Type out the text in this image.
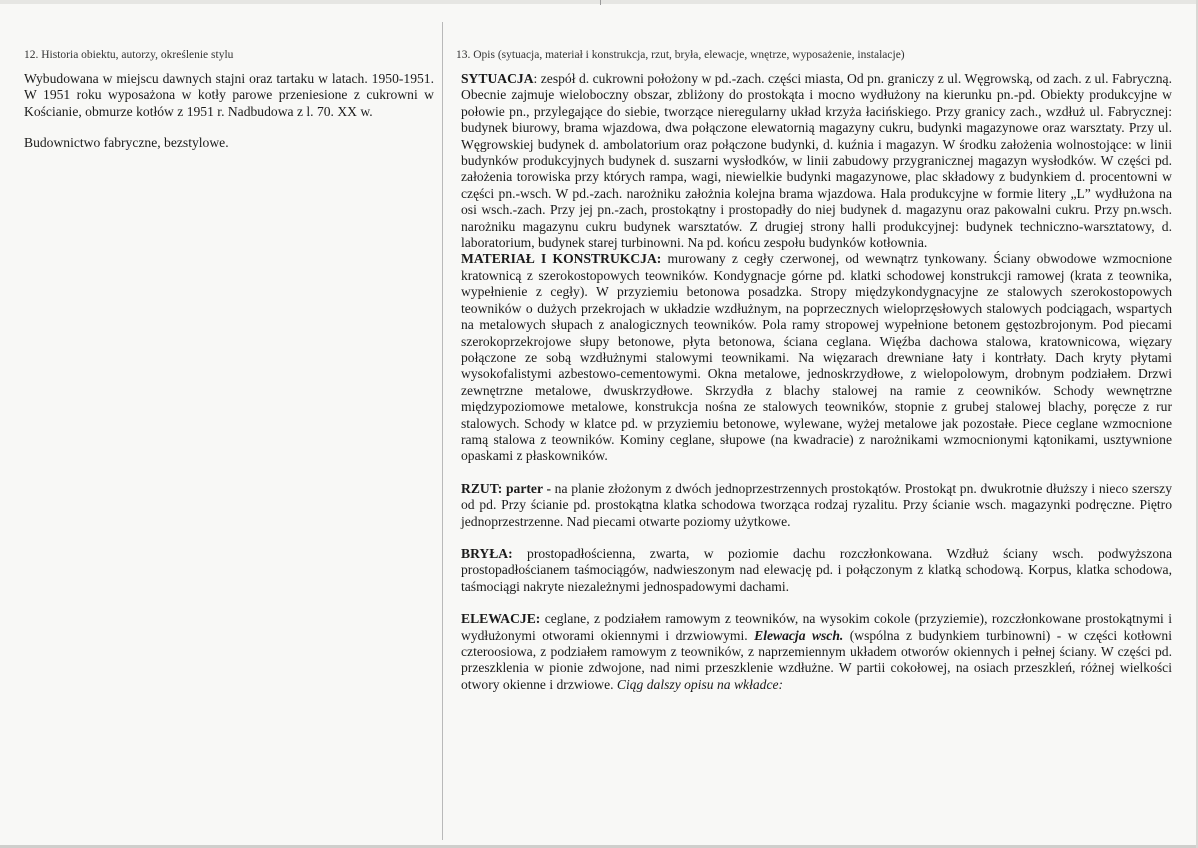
12. Historia obiektu, autorzy, określenie stylu

Wybudowana w miejscu dawnych stajni oraz tartaku w latach. 1950-1951. W 1951 roku wyposażona w kotły parowe przeniesione z cukrowni w Kościanie, obmurze kotłów z 1951 r. Nadbudowa z l. 70. XX w.

Budownictwo fabryczne, bezstylowe.

13. Opis (sytuacja, materiał i konstrukcja, rzut, bryła, elewacje, wnętrze, wyposażenie, instalacje)

SYTUACJA: zespół d. cukrowni położony w pd.-zach. części miasta, Od pn. graniczy z ul. Węgrowską, od zach. z ul. Fabryczną. Obecnie zajmuje wieloboczny obszar, zbliżony do prostokąta i mocno wydłużony na kierunku pn.-pd. Obiekty produkcyjne w połowie pn., przylegające do siebie, tworzące nieregularny układ krzyża łacińskiego. Przy granicy zach., wzdłuż ul. Fabrycznej: budynek biurowy, brama wjazdowa, dwa połączone elewatornią magazyny cukru, budynki magazynowe oraz warsztaty. Przy ul. Węgrowskiej budynek d. ambolatorium oraz połączone budynki, d. kuźnia i magazyn. W środku założenia wolnostojące: w linii budynków produkcyjnych budynek d. suszarni wysłodków, w linii zabudowy przygranicznej magazyn wysłodków. W części pd. założenia torowiska przy których rampa, wagi, niewielkie budynki magazynowe, plac składowy z budynkiem d. procentowni w części pn.-wsch. W pd.-zach. narożniku założnia kolejna brama wjazdowa. Hala produkcyjne w formie litery „L” wydłużona na osi wsch.-zach. Przy jej pn.-zach, prostokątny i prostopadły do niej budynek d. magazynu oraz pakowalni cukru. Przy pn.wsch. narożniku magazynu cukru budynek warsztatów. Z drugiej strony halli produkcyjnej: budynek techniczno-warsztatowy, d. laboratorium, budynek starej turbinowni. Na pd. końcu zespołu budynków kotłownia.

MATERIAŁ I KONSTRUKCJA: murowany z cegły czerwonej, od wewnątrz tynkowany. Ściany obwodowe wzmocnione kratownicą z szerokostopowych teowników. Kondygnacje górne pd. klatki schodowej konstrukcji ramowej (krata z teownika, wypełnienie z cegły). W przyziemiu betonowa posadzka. Stropy międzykondygnacyjne ze stalowych szerokostopowych teowników o dużych przekrojach w układzie wzdłużnym, na poprzecznych wieloprzęsłowych stalowych podciągach, wspartych na metalowych słupach z analogicznych teowników. Pola ramy stropowej wypełnione betonem gęstozbrojonym. Pod piecami szerokoprzekrojowe słupy betonowe, płyta betonowa, ściana ceglana. Więźba dachowa stalowa, kratownicowa, więzary połączone ze sobą wzdłużnymi stalowymi teownikami. Na więzarach drewniane łaty i kontrłaty. Dach kryty płytami wysokofalistymi azbestowo-cementowymi. Okna metalowe, jednoskrzydłowe, z wielopolowym, drobnym podziałem. Drzwi zewnętrzne metalowe, dwuskrzydłowe. Skrzydła z blachy stalowej na ramie z ceowników. Schody wewnętrzne międzypoziomowe metalowe, konstrukcja nośna ze stalowych teowników, stopnie z grubej stalowej blachy, poręcze z rur stalowych. Schody w klatce pd. w przyziemiu betonowe, wylewane, wyżej metalowe jak pozostałe. Piece ceglane wzmocnione ramą stalowa z teowników. Kominy ceglane, słupowe (na kwadracie) z narożnikami wzmocnionymi kątonikami, usztywnione opaskami z płaskowników.

RZUT: parter - na planie złożonym z dwóch jednoprzestrzennych prostokątów. Prostokąt pn. dwukrotnie dłuższy i nieco szerszy od pd. Przy ścianie pd. prostokątna klatka schodowa tworząca rodzaj ryzalitu. Przy ścianie wsch. magazynki podręczne. Piętro jednoprzestrzenne. Nad piecami otwarte poziomy użytkowe.

BRYŁA: prostopadłościenna, zwarta, w poziomie dachu rozczłonkowana. Wzdłuż ściany wsch. podwyższona prostopadłościanem taśmociągów, nadwieszonym nad elewację pd. i połączonym z klatką schodową. Korpus, klatka schodowa, taśmociągi nakryte niezależnymi jednospadowymi dachami.

ELEWACJE: ceglane, z podziałem ramowym z teowników, na wysokim cokole (przyziemie), rozczłonkowane prostokątnymi i wydłużonymi otworami okiennymi i drzwiowymi. Elewacja wsch. (wspólna z budynkiem turbinowni) - w części kotłowni czteroosiowa, z podziałem ramowym z teowników, z naprzemiennym układem otworów okiennych i pełnej ściany. W części pd. przeszklenia w pionie zdwojone, nad nimi przeszklenie wzdłużne. W partii cokołowej, na osiach przeszkleń, różnej wielkości otwory okienne i drzwiowe. Ciąg dalszy opisu na wkładce:
